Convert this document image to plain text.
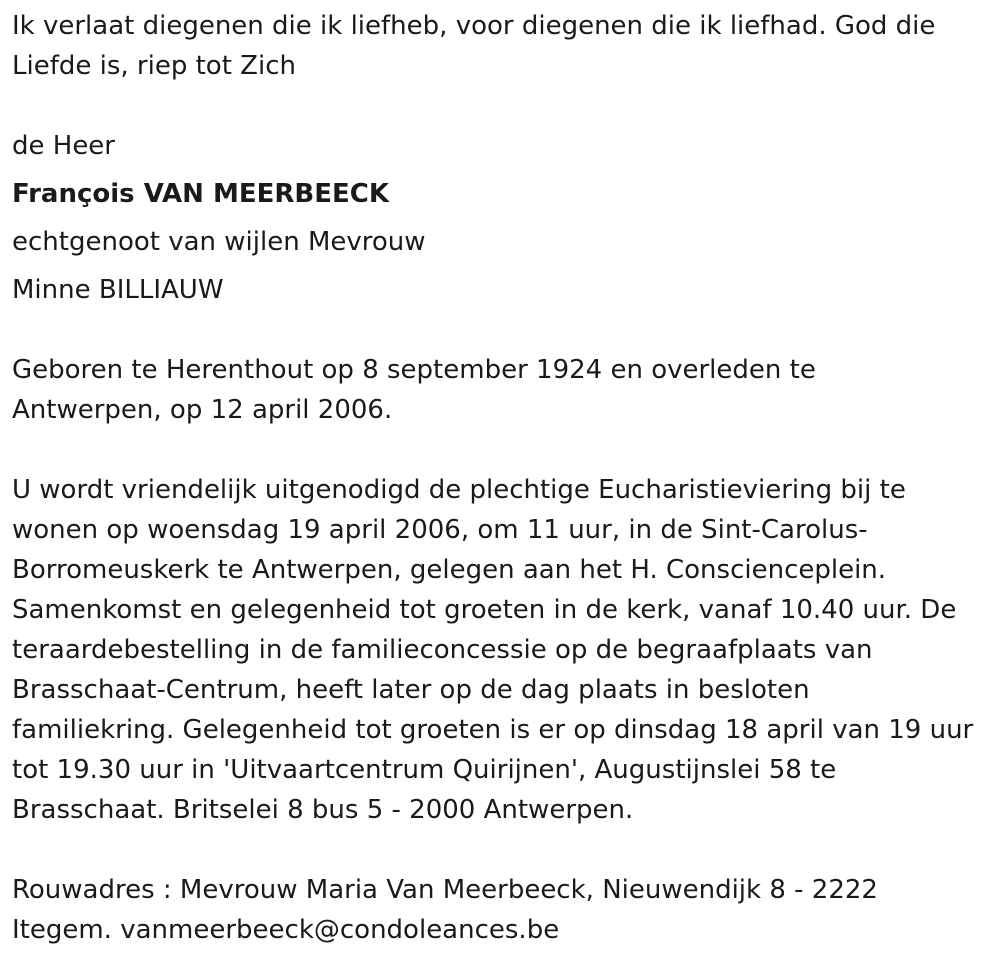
Ik verlaat diegenen die ik liefheb, voor diegenen die ik liefhad. God die

Liefde is, riep tot Zich

de Heer

François VAN MEERBEECK

echtgenoot van wijlen Mevrouw

Minne BILLIAUW

Geboren te Herenthout op 8 september 1924 en overleden te

Antwerpen, op 12 april 2006.

U wordt vriendelijk uitgenodigd de plechtige Eucharistieviering bij te

wonen op woensdag 19 april 2006, om 11 uur, in de Sint-Carolus-

Borromeuskerk te Antwerpen, gelegen aan het H. Conscienceplein.

Samenkomst en gelegenheid tot groeten in de kerk, vanaf 10.40 uur. De

teraardebestelling in de familieconcessie op de begraafplaats van

Brasschaat-Centrum, heeft later op de dag plaats in besloten

familiekring. Gelegenheid tot groeten is er op dinsdag 18 april van 19 uur

tot 19.30 uur in 'Uitvaartcentrum Quirijnen', Augustijnslei 58 te

Brasschaat. Britselei 8 bus 5 - 2000 Antwerpen.

Rouwadres : Mevrouw Maria Van Meerbeeck, Nieuwendijk 8 - 2222

Itegem. vanmeerbeeck@condoleances.be
